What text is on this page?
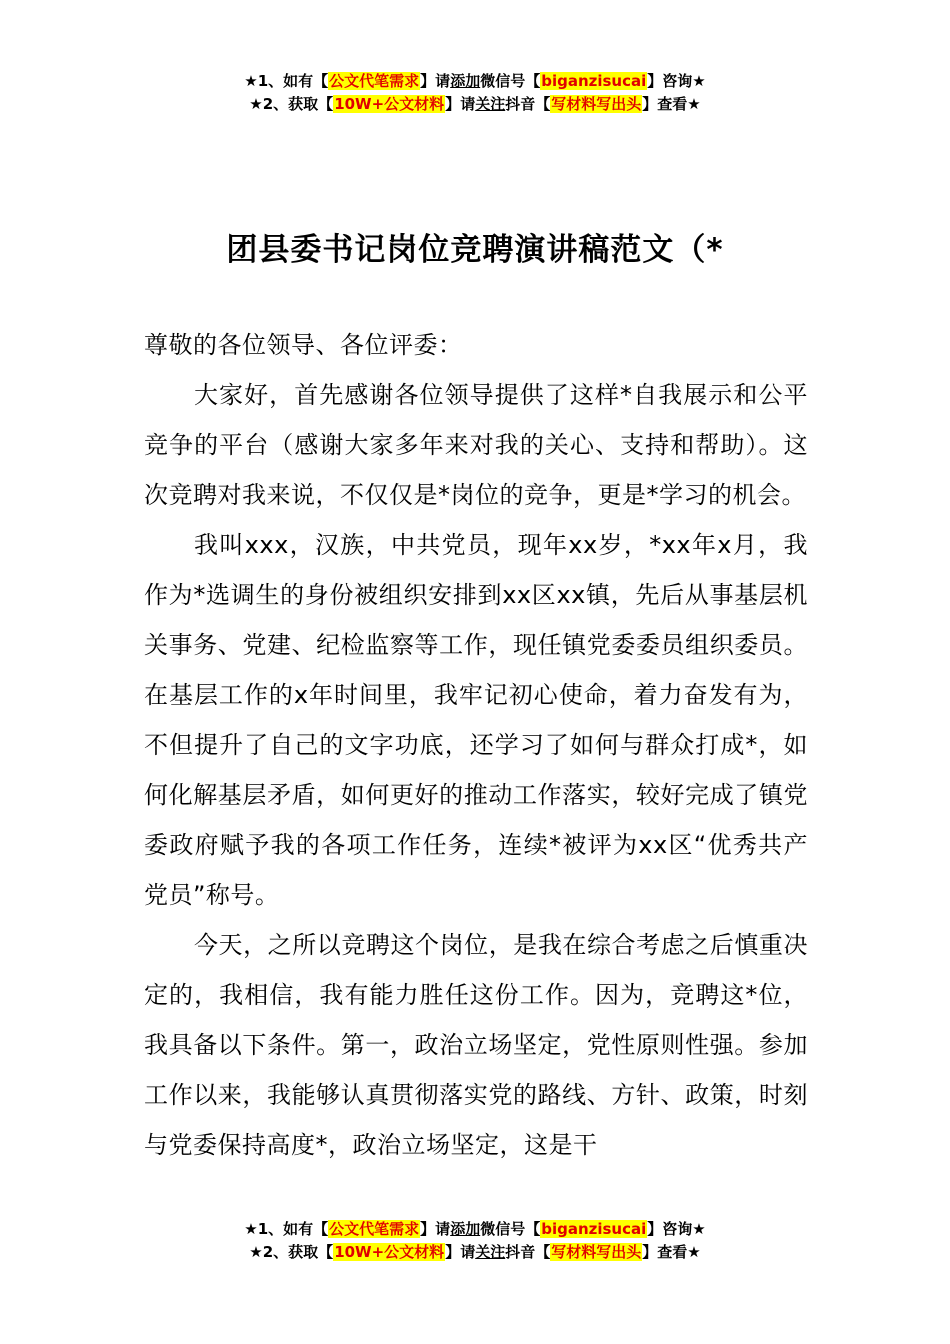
★1、如有【公文代笔需求】请添加微信号【biganzisucai】咨询★
★2、获取【10W+公文材料】请关注抖音【写材料写出头】查看★
团县委书记岗位竞聘演讲稿范文（*

尊敬的各位领导、各位评委：

大家好，首先感谢各位领导提供了这样*自我展示和公平竞争的平台（感谢大家多年来对我的关心、支持和帮助）。这次竞聘对我来说，不仅仅是*岗位的竞争，更是*学习的机会。

我叫xxx，汉族，中共党员，现年xx岁，*xx年x月，我作为*选调生的身份被组织安排到xx区xx镇，先后从事基层机关事务、党建、纪检监察等工作，现任镇党委委员组织委员。在基层工作的x年时间里，我牢记初心使命，着力奋发有为，不但提升了自己的文字功底，还学习了如何与群众打成*，如何化解基层矛盾，如何更好的推动工作落实，较好完成了镇党委政府赋予我的各项工作任务，连续*被评为xx区“优秀共产党员”称号。

今天，之所以竞聘这个岗位，是我在综合考虑之后慎重决定的，我相信，我有能力胜任这份工作。因为，竞聘这*位，我具备以下条件。第一，政治立场坚定，党性原则性强。参加工作以来，我能够认真贯彻落实党的路线、方针、政策，时刻与党委保持高度*，政治立场坚定，这是干

★1、如有【公文代笔需求】请添加微信号【biganzisucai】咨询★
★2、获取【10W+公文材料】请关注抖音【写材料写出头】查看★
